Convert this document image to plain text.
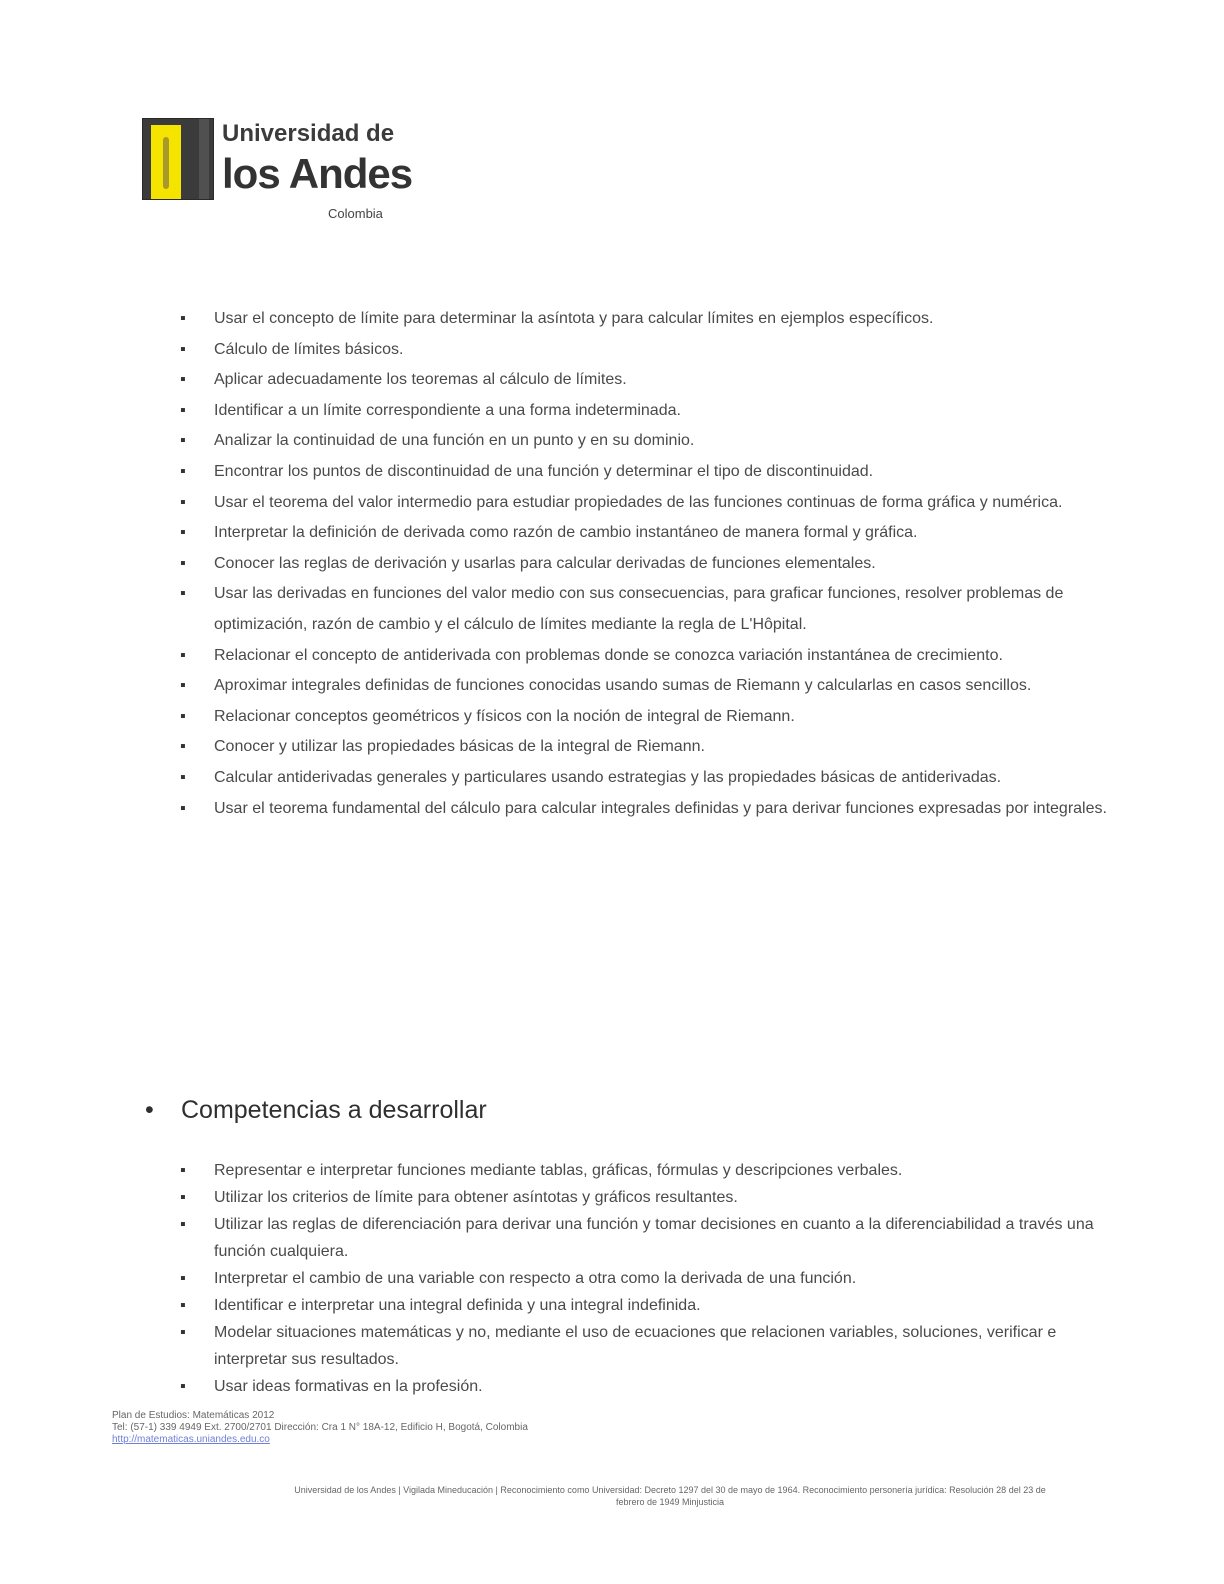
Universidad de
los Andes
Colombia
▪ Usar el concepto de límite para determinar la asíntota y para calcular límites en ejemplos específicos.
▪ Cálculo de límites básicos.
▪ Aplicar adecuadamente los teoremas al cálculo de límites.
▪ Identificar a un límite correspondiente a una forma indeterminada.
▪ Analizar la continuidad de una función en un punto y en su dominio.
▪ Encontrar los puntos de discontinuidad de una función y determinar el tipo de discontinuidad.
▪ Usar el teorema del valor intermedio para estudiar propiedades de las funciones continuas de forma gráfica y numérica.
▪ Interpretar la definición de derivada como razón de cambio instantáneo de manera formal y gráfica.
▪ Conocer las reglas de derivación y usarlas para calcular derivadas de funciones elementales.
▪ Usar las derivadas en funciones del valor medio con sus consecuencias, para graficar funciones, resolver problemas de optimización, razón de cambio y el cálculo de límites mediante la regla de L'Hôpital.
▪ Relacionar el concepto de antiderivada con problemas donde se conozca variación instantánea de crecimiento.
▪ Aproximar integrales definidas de funciones conocidas usando sumas de Riemann y calcularlas en casos sencillos.
▪ Relacionar conceptos geométricos y físicos con la noción de integral de Riemann.
▪ Conocer y utilizar las propiedades básicas de la integral de Riemann.
▪ Calcular antiderivadas generales y particulares usando estrategias y las propiedades básicas de antiderivadas.
▪ Usar el teorema fundamental del cálculo para calcular integrales definidas y para derivar funciones expresadas por integrales.
• Competencias a desarrollar
▪ Representar e interpretar funciones mediante tablas, gráficas, fórmulas y descripciones verbales.
▪ Utilizar los criterios de límite para obtener asíntotas y gráficos resultantes.
▪ Utilizar las reglas de diferenciación para derivar una función y tomar decisiones en cuanto a la diferenciabilidad a través una función cualquiera.
▪ Interpretar el cambio de una variable con respecto a otra como la derivada de una función.
▪ Identificar e interpretar una integral definida y una integral indefinida.
▪ Modelar situaciones matemáticas y no, mediante el uso de ecuaciones que relacionen variables, soluciones, verificar e interpretar sus resultados.
▪ Usar ideas formativas en la profesión.
Plan de Estudios: Matemáticas 2012
Tel: (57-1) 339 4949 Ext. 2700/2701 Dirección: Cra 1 N° 18A-12, Edificio H, Bogotá, Colombia
http://matematicas.uniandes.edu.co
Universidad de los Andes | Vigilada Mineducación | Reconocimiento como Universidad: Decreto 1297 del 30 de mayo de 1964. Reconocimiento personería jurídica: Resolución 28 del 23 de
febrero de 1949 Minjusticia
